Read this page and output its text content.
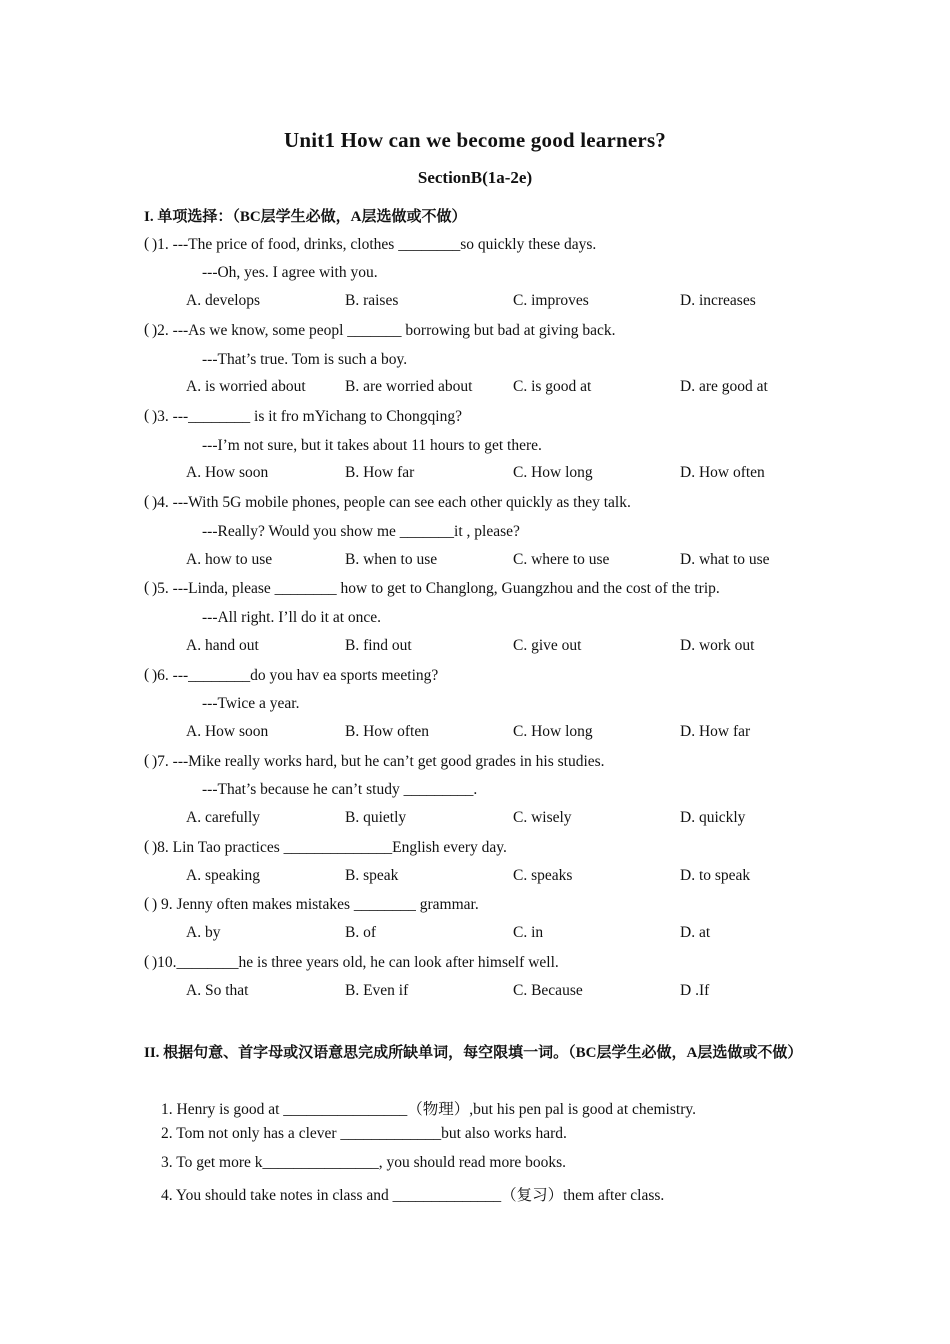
Unit1 How can we become good learners?
SectionB(1a-2e)
I. 单项选择：（BC层学生必做，A层选做或不做）
( )1. ---The price of food, drinks, clothes ________so quickly these days.
---Oh, yes. I agree with you.
A. develops	B. raises	C. improves	D. increases
( )2. ---As we know, some peopl _______ borrowing but bad at giving back.
---That’s true. Tom is such a boy.
A. is worried about	B. are worried about	C. is good at	D. are good at
( )3. ---________ is it fro mYichang to Chongqing?
---I’m not sure, but it takes about 11 hours to get there.
A. How soon	B. How far	C. How long	D. How often
( )4. ---With 5G mobile phones, people can see each other quickly as they talk.
---Really? Would you show me _______it , please?
A. how to use	B. when to use	C. where to use	D. what to use
( )5. ---Linda, please ________ how to get to Changlong, Guangzhou and the cost of the trip.
---All right. I’ll do it at once.
A. hand out	B. find out	C. give out	D. work out
( )6. ---________do you hav ea sports meeting?
---Twice a year.
A. How soon	B. How often	C. How long	D. How far
( )7. ---Mike really works hard, but he can’t get good grades in his studies.
---That’s because he can’t study _________.
A. carefully	B. quietly	C. wisely	D. quickly
( )8. Lin Tao practices ______________English every day.
A. speaking	B. speak	C. speaks	D. to speak
( ) 9. Jenny often makes mistakes ________ grammar.
A. by	B. of	C. in	D. at
( )10.________he is three years old, he can look after himself well.
A. So that	B. Even if	C. Because	D .If
II. 根据句意、首字母或汉语意思完成所缺单词，每空限填一词。（BC层学生必做，A层选做或不做）
1. Henry is good at ________________（物理）,but his pen pal is good at chemistry.
2. Tom not only has a clever _____________but also works hard.
3. To get more k_______________, you should read more books.
4. You should take notes in class and ______________（复习）them after class.
